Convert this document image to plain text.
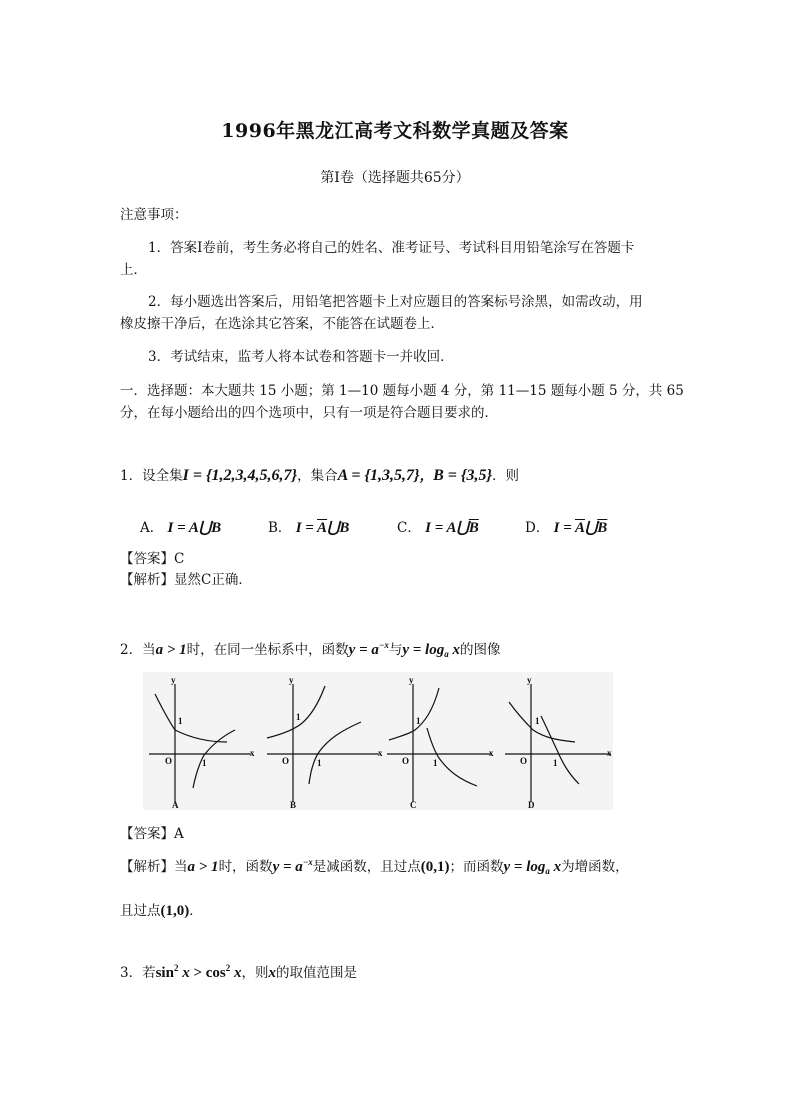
1996年黑龙江高考文科数学真题及答案
第Ⅰ卷（选择题共65分）
注意事项：
1．答案Ⅰ卷前，考生务必将自己的姓名、准考证号、考试科目用铅笔涂写在答题卡
上．
2．每小题选出答案后，用铅笔把答题卡上对应题目的答案标号涂黑，如需改动，用
橡皮擦干净后，在选涂其它答案，不能答在试题卷上．
3．考试结束，监考人将本试卷和答题卡一并收回．
一．选择题：本大题共 15 小题；第 1—10 题每小题 4 分，第 11—15 题每小题 5 分，共 65
分，在每小题给出的四个选项中，只有一项是符合题目要求的．
1．设全集I = {1,2,3,4,5,6,7}，集合A = {1,3,5,7}，B = {3,5}．则
A． I = A⋃B	B． $I = \overline{A}⋃B$	C． $I = A⋃\overline{B}$	D． $I = \overline{A}⋃\overline{B}$
【答案】C
【解析】显然C正确．
2．当a > 1时，在同一坐标系中，函数$y = a^{-x}$与$y = \log_a x$的图像
y
x
O
1
1
A
y
x
O
1
1
B
y
x
O
1
1
C
y
x
O
1
1
D
【答案】A
【解析】当a > 1时，函数$y = a^{-x}$是减函数，且过点(0,1)；而函数$y = \log_a x$为增函数，
且过点(1,0)．
3．若$\sin^2 x > \cos^2 x$，则x的取值范围是
